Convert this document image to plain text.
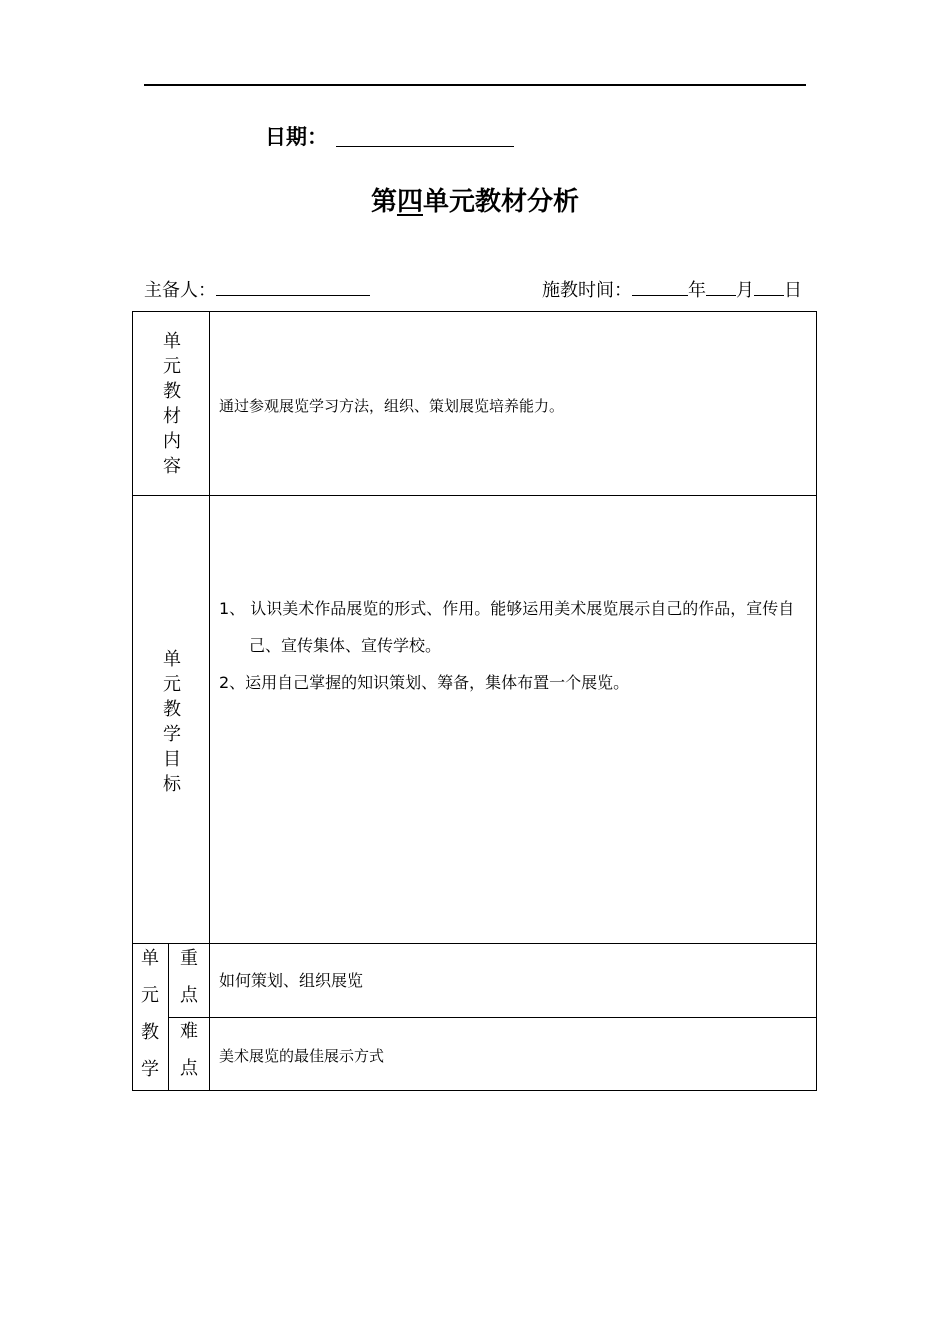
日期：
第四单元教材分析
主备人：	施教时间：	年 月 日
单
元
教
材
内
容
通过参观展览学习方法，组织、策划展览培养能力。
单
元
教
学
目
标
1、 认识美术作品展览的形式、作用。能够运用美术展览展示自己的作品，宣传自
己、宣传集体、宣传学校。
2、运用自己掌握的知识策划、筹备，集体布置一个展览。
单
元
教
学
重
点
如何策划、组织展览
难
点
美术展览的最佳展示方式
